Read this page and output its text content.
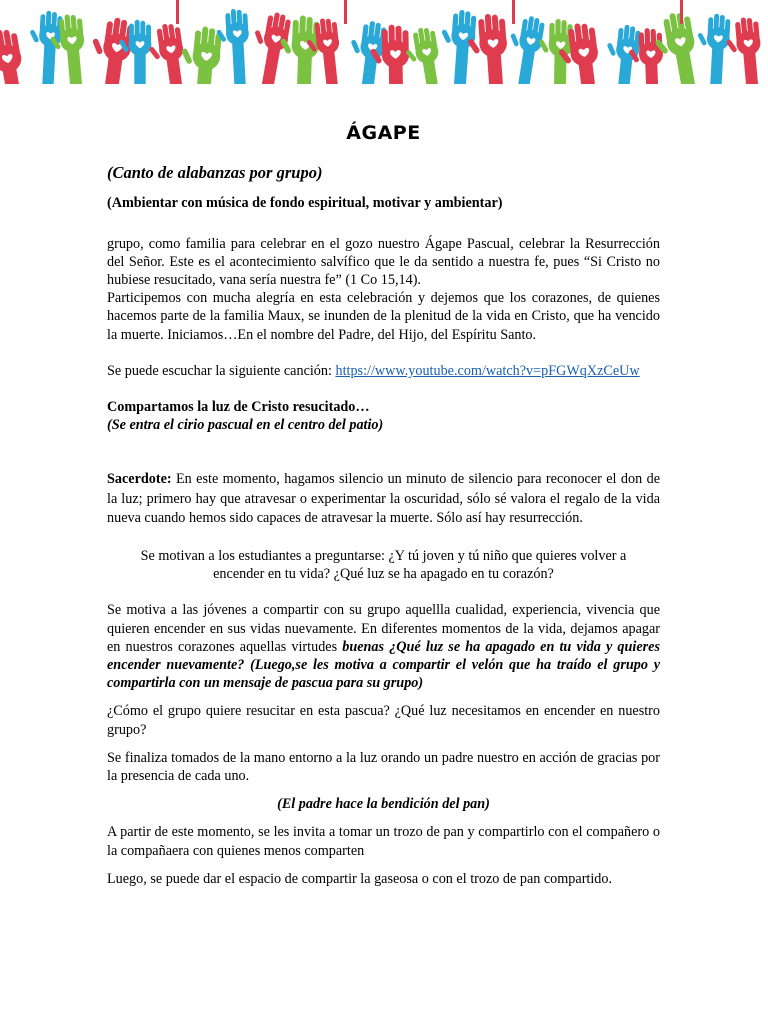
ÁGAPE
(Canto de alabanzas por grupo)
(Ambientar con música de fondo espiritual, motivar y ambientar)

grupo, como familia para celebrar en el gozo nuestro Ágape Pascual, celebrar la Resurrección del Señor. Este es el acontecimiento salvífico que le da sentido a nuestra fe, pues “Si Cristo no hubiese resucitado, vana sería nuestra fe” (1 Co 15,14).

Participemos con mucha alegría en esta celebración y dejemos que los corazones, de quienes hacemos parte de la familia Maux, se inunden de la plenitud de la vida en Cristo, que ha vencido la muerte. Iniciamos…En el nombre del Padre, del Hijo, del Espíritu Santo.

Se puede escuchar la siguiente canción: https://www.youtube.com/watch?v=pFGWqXzCeUw

Compartamos la luz de Cristo resucitado…

(Se entra el cirio pascual en el centro del patio)

Sacerdote: En este momento, hagamos silencio un minuto de silencio para reconocer el don de la luz; primero hay que atravesar o experimentar la oscuridad, sólo sé valora el regalo de la vida nueva cuando hemos sido capaces de atravesar la muerte. Sólo así hay resurrección.

Se motivan a los estudiantes a preguntarse: ¿Y tú joven y tú niño que quieres volver a encender en tu vida? ¿Qué luz se ha apagado en tu corazón?

Se motiva a las jóvenes a compartir con su grupo aquellla cualidad, experiencia, vivencia que quieren encender en sus vidas nuevamente. En diferentes momentos de la vida, dejamos apagar en nuestros corazones aquellas virtudes buenas ¿Qué luz se ha apagado en tu vida y quieres encender nuevamente? (Luego,se les motiva a compartir el velón que ha traído el grupo y compartirla con un mensaje de pascua para su grupo)

¿Cómo el grupo quiere resucitar en esta pascua? ¿Qué luz necesitamos en encender en nuestro grupo?

Se finaliza tomados de la mano entorno a la luz orando un padre nuestro en acción de gracias por la presencia de cada uno.

(El padre hace la bendición del pan)

A partir de este momento, se les invita a tomar un trozo de pan y compartirlo con el compañero o la compañaera con quienes menos comparten

Luego, se puede dar el espacio de compartir la gaseosa o con el trozo de pan compartido.
